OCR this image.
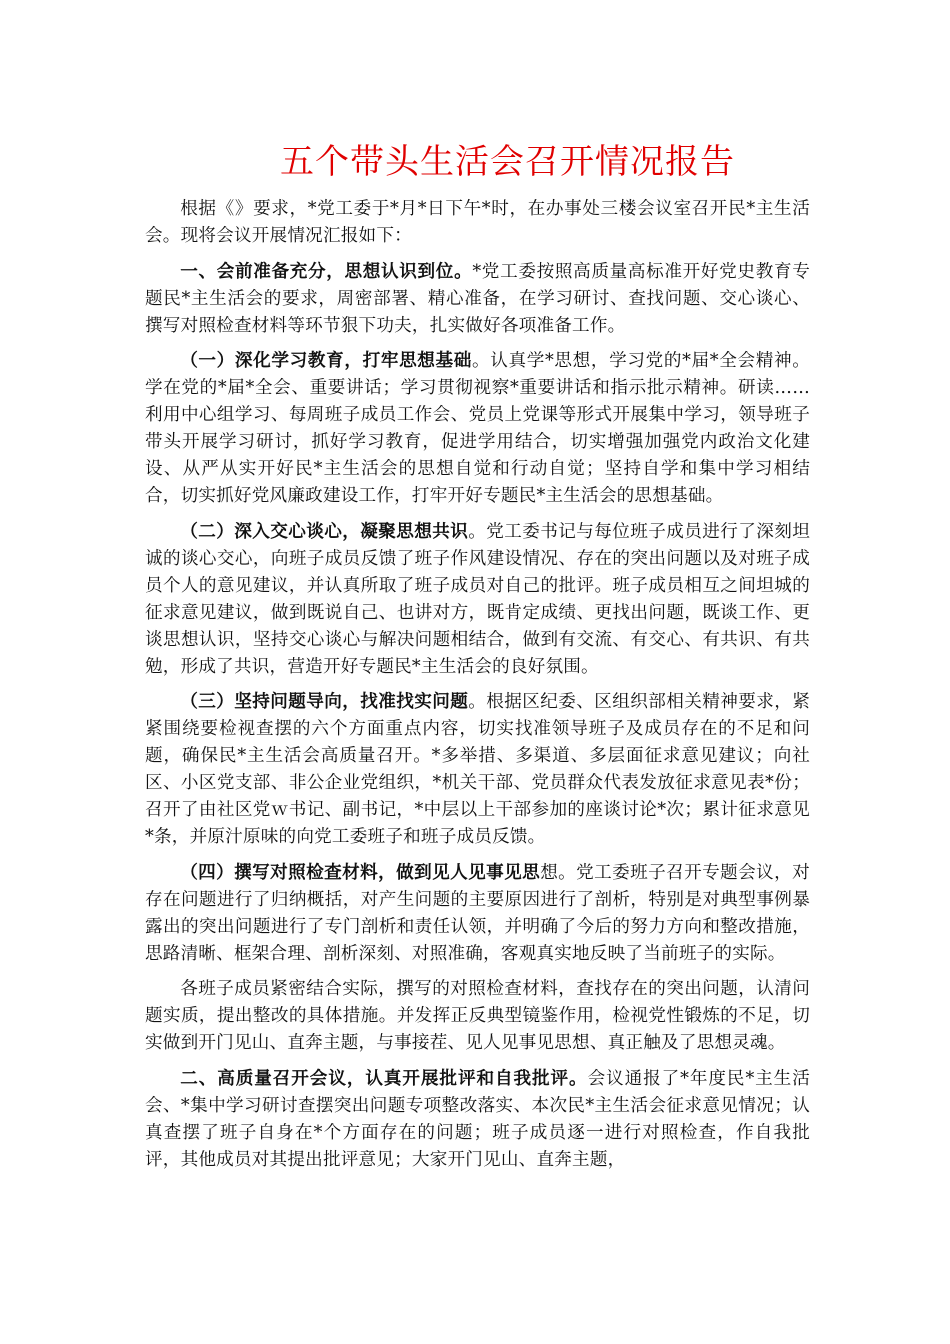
五个带头生活会召开情况报告

根据《》要求，*党工委于*月*日下午*时，在办事处三楼会议室召开民*主生活会。现将会议开展情况汇报如下：

一、会前准备充分，思想认识到位。*党工委按照高质量高标准开好党史教育专题民*主生活会的要求，周密部署、精心准备，在学习研讨、查找问题、交心谈心、撰写对照检查材料等环节狠下功夫，扎实做好各项准备工作。

（一）深化学习教育，打牢思想基础。认真学*思想，学习党的*届*全会精神。学在党的*届*全会、重要讲话；学习贯彻视察*重要讲话和指示批示精神。研读……利用中心组学习、每周班子成员工作会、党员上党课等形式开展集中学习，领导班子带头开展学习研讨，抓好学习教育，促进学用结合，切实增强加强党内政治文化建设、从严从实开好民*主生活会的思想自觉和行动自觉；坚持自学和集中学习相结合，切实抓好党风廉政建设工作，打牢开好专题民*主生活会的思想基础。

（二）深入交心谈心，凝聚思想共识。党工委书记与每位班子成员进行了深刻坦诚的谈心交心，向班子成员反馈了班子作风建设情况、存在的突出问题以及对班子成员个人的意见建议，并认真所取了班子成员对自己的批评。班子成员相互之间坦城的征求意见建议，做到既说自己、也讲对方，既肯定成绩、更找出问题，既谈工作、更谈思想认识，坚持交心谈心与解决问题相结合，做到有交流、有交心、有共识、有共勉，形成了共识，营造开好专题民*主生活会的良好氛围。

（三）坚持问题导向，找准找实问题。根据区纪委、区组织部相关精神要求，紧紧围绕要检视查摆的六个方面重点内容，切实找准领导班子及成员存在的不足和问题，确保民*主生活会高质量召开。*多举措、多渠道、多层面征求意见建议；向社区、小区党支部、非公企业党组织，*机关干部、党员群众代表发放征求意见表*份；召开了由社区党ｗ书记、副书记，*中层以上干部参加的座谈讨论*次；累计征求意见*条，并原汁原味的向党工委班子和班子成员反馈。

（四）撰写对照检查材料，做到见人见事见思想。党工委班子召开专题会议，对存在问题进行了归纳概括，对产生问题的主要原因进行了剖析，特别是对典型事例暴露出的突出问题进行了专门剖析和责任认领，并明确了今后的努力方向和整改措施，思路清晰、框架合理、剖析深刻、对照准确，客观真实地反映了当前班子的实际。

各班子成员紧密结合实际，撰写的对照检查材料，查找存在的突出问题，认清问题实质，提出整改的具体措施。并发挥正反典型镜鉴作用，检视党性锻炼的不足，切实做到开门见山、直奔主题，与事接茬、见人见事见思想、真正触及了思想灵魂。

二、高质量召开会议，认真开展批评和自我批评。会议通报了*年度民*主生活会、*集中学习研讨查摆突出问题专项整改落实、本次民*主生活会征求意见情况；认真查摆了班子自身在*个方面存在的问题；班子成员逐一进行对照检查，作自我批评，其他成员对其提出批评意见；大家开门见山、直奔主题，
